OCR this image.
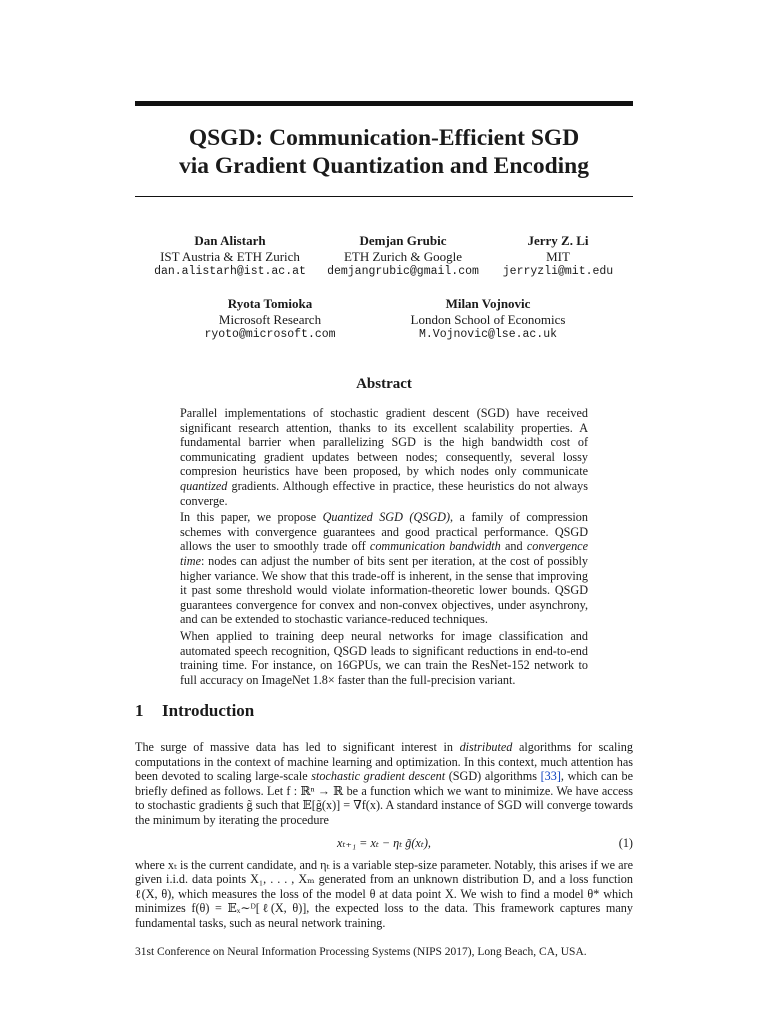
QSGD: Communication-Efficient SGD
via Gradient Quantization and Encoding
Dan Alistarh
IST Austria & ETH Zurich
dan.alistarh@ist.ac.at
Demjan Grubic
ETH Zurich & Google
demjangrubic@gmail.com
Jerry Z. Li
MIT
jerryzli@mit.edu
Ryota Tomioka
Microsoft Research
ryoto@microsoft.com
Milan Vojnovic
London School of Economics
M.Vojnovic@lse.ac.uk
Abstract

Parallel implementations of stochastic gradient descent (SGD) have received significant research attention, thanks to its excellent scalability properties. A fundamental barrier when parallelizing SGD is the high bandwidth cost of communicating gradient updates between nodes; consequently, several lossy compresion heuristics have been proposed, by which nodes only communicate quantized gradients. Although effective in practice, these heuristics do not always converge.

In this paper, we propose Quantized SGD (QSGD), a family of compression schemes with convergence guarantees and good practical performance. QSGD allows the user to smoothly trade off communication bandwidth and convergence time: nodes can adjust the number of bits sent per iteration, at the cost of possibly higher variance. We show that this trade-off is inherent, in the sense that improving it past some threshold would violate information-theoretic lower bounds. QSGD guarantees convergence for convex and non-convex objectives, under asynchrony, and can be extended to stochastic variance-reduced techniques.

When applied to training deep neural networks for image classification and automated speech recognition, QSGD leads to significant reductions in end-to-end training time. For instance, on 16GPUs, we can train the ResNet-152 network to full accuracy on ImageNet 1.8× faster than the full-precision variant.

1 Introduction

The surge of massive data has led to significant interest in distributed algorithms for scaling computations in the context of machine learning and optimization. In this context, much attention has been devoted to scaling large-scale stochastic gradient descent (SGD) algorithms [33], which can be briefly defined as follows. Let f : ℝⁿ → ℝ be a function which we want to minimize. We have access to stochastic gradients g̃ such that 𝔼[g̃(x)] = ∇f(x). A standard instance of SGD will converge towards the minimum by iterating the procedure

xₜ₊₁ = xₜ − ηₜ g̃(xₜ),	(1)

where xₜ is the current candidate, and ηₜ is a variable step-size parameter. Notably, this arises if we are given i.i.d. data points X₁, . . . , Xₘ generated from an unknown distribution D, and a loss function ℓ(X, θ), which measures the loss of the model θ at data point X. We wish to find a model θ* which minimizes f(θ) = 𝔼ₓ∼ᴰ[ℓ(X, θ)], the expected loss to the data. This framework captures many fundamental tasks, such as neural network training.

31st Conference on Neural Information Processing Systems (NIPS 2017), Long Beach, CA, USA.
